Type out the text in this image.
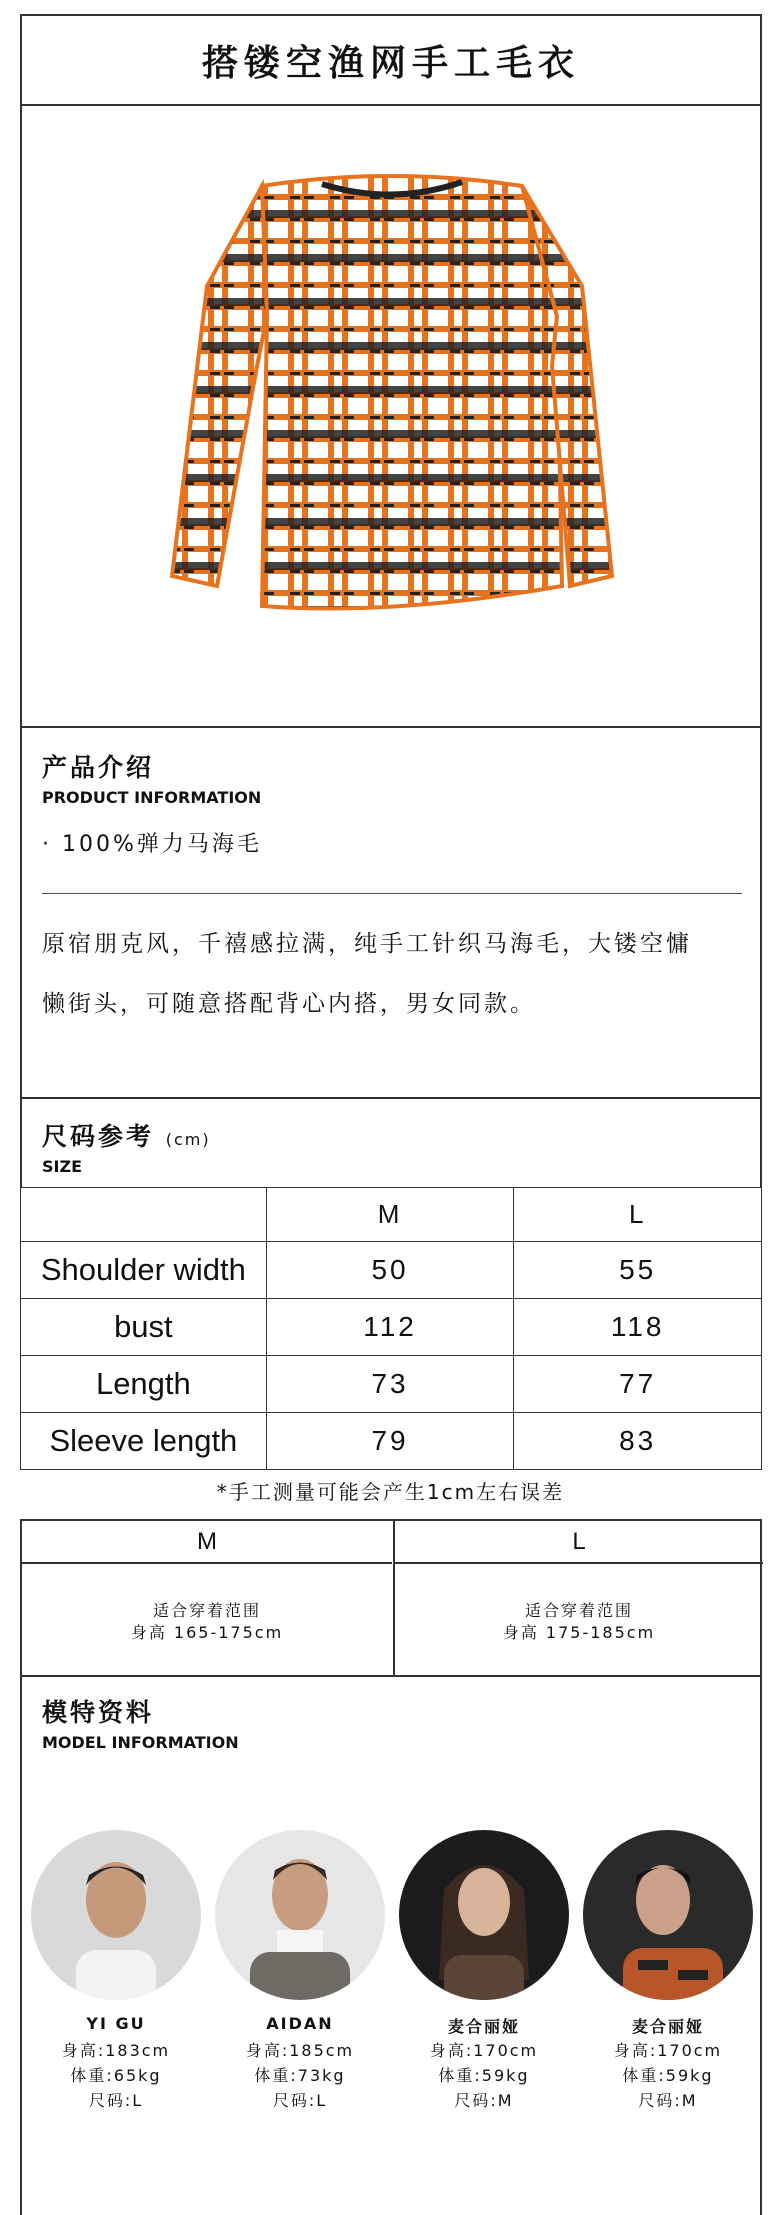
搭镂空渔网手工毛衣
产品介绍
PRODUCT INFORMATION
· 100%弹力马海毛
原宿朋克风，千禧感拉满，纯手工针织马海毛，大镂空慵
懒街头，可随意搭配背心内搭，男女同款。
尺码参考 (cm)
SIZE
	M	L
Shoulder width	50	55
bust	112	118
Length	73	77
Sleeve length	79	83
*手工测量可能会产生1cm左右误差
M
适合穿着范围
身高 165-175cm
L
适合穿着范围
身高 175-185cm
模特资料
MODEL INFORMATION
YI GU
身高:183cm
体重:65kg
尺码:L
AIDAN
身高:185cm
体重:73kg
尺码:L
麦合丽娅
身高:170cm
体重:59kg
尺码:M
麦合丽娅
身高:170cm
体重:59kg
尺码:M
